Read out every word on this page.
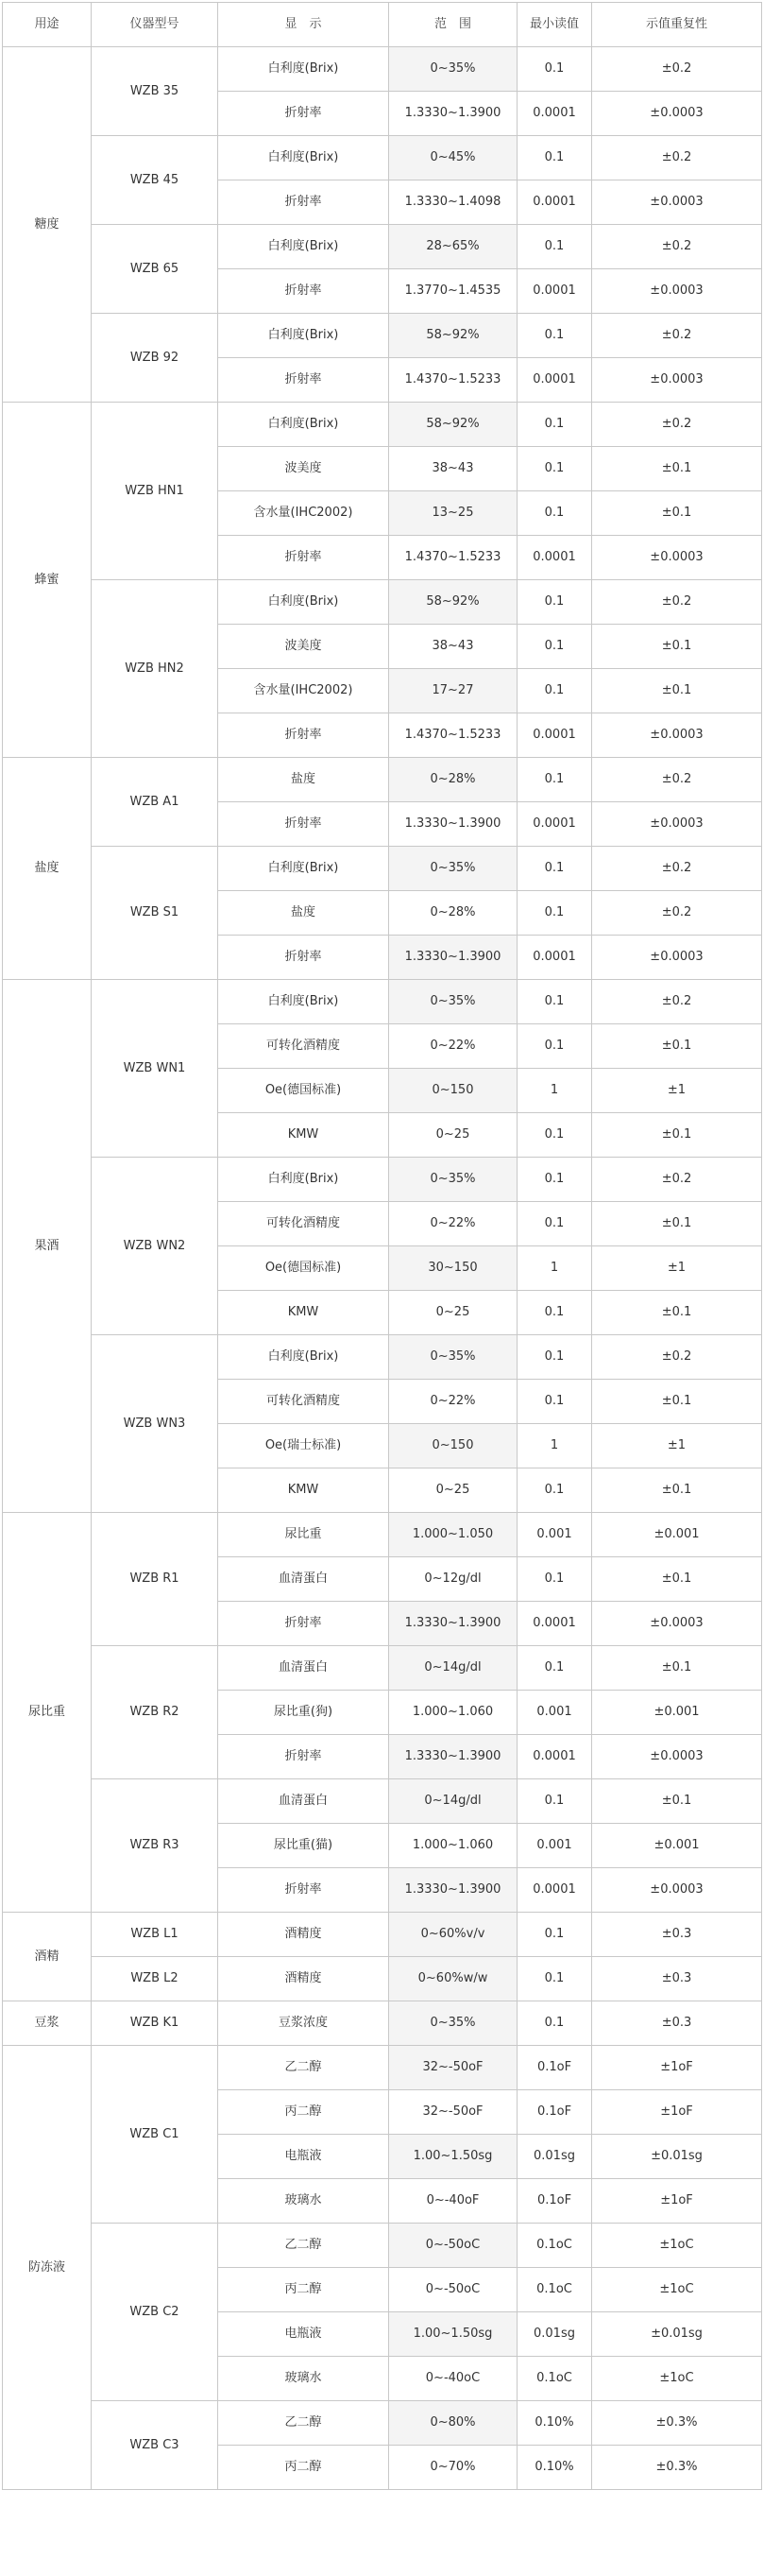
用途	仪器型号	显　示	范　围	最小读值	示值重复性
糖度	WZB 35	白利度(Brix)	0~35%	0.1	±0.2
		折射率	1.3330~1.3900	0.0001	±0.0003
	WZB 45	白利度(Brix)	0~45%	0.1	±0.2
		折射率	1.3330~1.4098	0.0001	±0.0003
	WZB 65	白利度(Brix)	28~65%	0.1	±0.2
		折射率	1.3770~1.4535	0.0001	±0.0003
	WZB 92	白利度(Brix)	58~92%	0.1	±0.2
		折射率	1.4370~1.5233	0.0001	±0.0003
蜂蜜	WZB HN1	白利度(Brix)	58~92%	0.1	±0.2
		波美度	38~43	0.1	±0.1
		含水量(IHC2002)	13~25	0.1	±0.1
		折射率	1.4370~1.5233	0.0001	±0.0003
	WZB HN2	白利度(Brix)	58~92%	0.1	±0.2
		波美度	38~43	0.1	±0.1
		含水量(IHC2002)	17~27	0.1	±0.1
		折射率	1.4370~1.5233	0.0001	±0.0003
盐度	WZB A1	盐度	0~28%	0.1	±0.2
		折射率	1.3330~1.3900	0.0001	±0.0003
	WZB S1	白利度(Brix)	0~35%	0.1	±0.2
		盐度	0~28%	0.1	±0.2
		折射率	1.3330~1.3900	0.0001	±0.0003
果酒	WZB WN1	白利度(Brix)	0~35%	0.1	±0.2
		可转化酒精度	0~22%	0.1	±0.1
		Oe(德国标准)	0~150	1	±1
		KMW	0~25	0.1	±0.1
	WZB WN2	白利度(Brix)	0~35%	0.1	±0.2
		可转化酒精度	0~22%	0.1	±0.1
		Oe(德国标准)	30~150	1	±1
		KMW	0~25	0.1	±0.1
	WZB WN3	白利度(Brix)	0~35%	0.1	±0.2
		可转化酒精度	0~22%	0.1	±0.1
		Oe(瑞士标准)	0~150	1	±1
		KMW	0~25	0.1	±0.1
尿比重	WZB R1	尿比重	1.000~1.050	0.001	±0.001
		血清蛋白	0~12g/dl	0.1	±0.1
		折射率	1.3330~1.3900	0.0001	±0.0003
	WZB R2	血清蛋白	0~14g/dl	0.1	±0.1
		尿比重(狗)	1.000~1.060	0.001	±0.001
		折射率	1.3330~1.3900	0.0001	±0.0003
	WZB R3	血清蛋白	0~14g/dl	0.1	±0.1
		尿比重(猫)	1.000~1.060	0.001	±0.001
		折射率	1.3330~1.3900	0.0001	±0.0003
酒精	WZB L1	酒精度	0~60%v/v	0.1	±0.3
	WZB L2	酒精度	0~60%w/w	0.1	±0.3
豆浆	WZB K1	豆浆浓度	0~35%	0.1	±0.3
防冻液	WZB C1	乙二醇	32~-50oF	0.1oF	±1oF
		丙二醇	32~-50oF	0.1oF	±1oF
		电瓶液	1.00~1.50sg	0.01sg	±0.01sg
		玻璃水	0~-40oF	0.1oF	±1oF
	WZB C2	乙二醇	0~-50oC	0.1oC	±1oC
		丙二醇	0~-50oC	0.1oC	±1oC
		电瓶液	1.00~1.50sg	0.01sg	±0.01sg
		玻璃水	0~-40oC	0.1oC	±1oC
	WZB C3	乙二醇	0~80%	0.10%	±0.3%
		丙二醇	0~70%	0.10%	±0.3%
